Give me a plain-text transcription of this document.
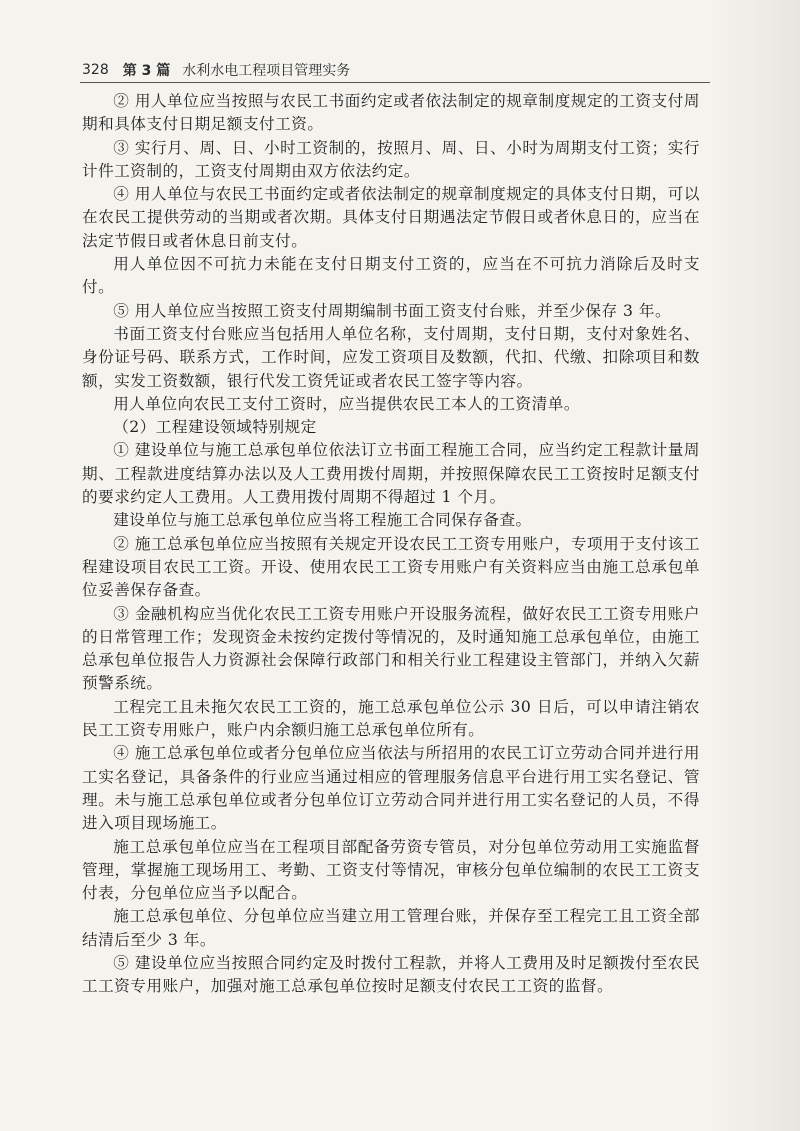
328 第 3 篇 水利水电工程项目管理实务

② 用人单位应当按照与农民工书面约定或者依法制定的规章制度规定的工资支付周期和具体支付日期足额支付工资。

③ 实行月、周、日、小时工资制的，按照月、周、日、小时为周期支付工资；实行计件工资制的，工资支付周期由双方依法约定。

④ 用人单位与农民工书面约定或者依法制定的规章制度规定的具体支付日期，可以在农民工提供劳动的当期或者次期。具体支付日期遇法定节假日或者休息日的，应当在法定节假日或者休息日前支付。

用人单位因不可抗力未能在支付日期支付工资的，应当在不可抗力消除后及时支付。

⑤ 用人单位应当按照工资支付周期编制书面工资支付台账，并至少保存 3 年。

书面工资支付台账应当包括用人单位名称，支付周期，支付日期，支付对象姓名、身份证号码、联系方式，工作时间，应发工资项目及数额，代扣、代缴、扣除项目和数额，实发工资数额，银行代发工资凭证或者农民工签字等内容。

用人单位向农民工支付工资时，应当提供农民工本人的工资清单。

（2）工程建设领域特别规定

① 建设单位与施工总承包单位依法订立书面工程施工合同，应当约定工程款计量周期、工程款进度结算办法以及人工费用拨付周期，并按照保障农民工工资按时足额支付的要求约定人工费用。人工费用拨付周期不得超过 1 个月。

建设单位与施工总承包单位应当将工程施工合同保存备查。

② 施工总承包单位应当按照有关规定开设农民工工资专用账户，专项用于支付该工程建设项目农民工工资。开设、使用农民工工资专用账户有关资料应当由施工总承包单位妥善保存备查。

③ 金融机构应当优化农民工工资专用账户开设服务流程，做好农民工工资专用账户的日常管理工作；发现资金未按约定拨付等情况的，及时通知施工总承包单位，由施工总承包单位报告人力资源社会保障行政部门和相关行业工程建设主管部门，并纳入欠薪预警系统。

工程完工且未拖欠农民工工资的，施工总承包单位公示 30 日后，可以申请注销农民工工资专用账户，账户内余额归施工总承包单位所有。

④ 施工总承包单位或者分包单位应当依法与所招用的农民工订立劳动合同并进行用工实名登记，具备条件的行业应当通过相应的管理服务信息平台进行用工实名登记、管理。未与施工总承包单位或者分包单位订立劳动合同并进行用工实名登记的人员，不得进入项目现场施工。

施工总承包单位应当在工程项目部配备劳资专管员，对分包单位劳动用工实施监督管理，掌握施工现场用工、考勤、工资支付等情况，审核分包单位编制的农民工工资支付表，分包单位应当予以配合。

施工总承包单位、分包单位应当建立用工管理台账，并保存至工程完工且工资全部结清后至少 3 年。

⑤ 建设单位应当按照合同约定及时拨付工程款，并将人工费用及时足额拨付至农民工工资专用账户，加强对施工总承包单位按时足额支付农民工工资的监督。
